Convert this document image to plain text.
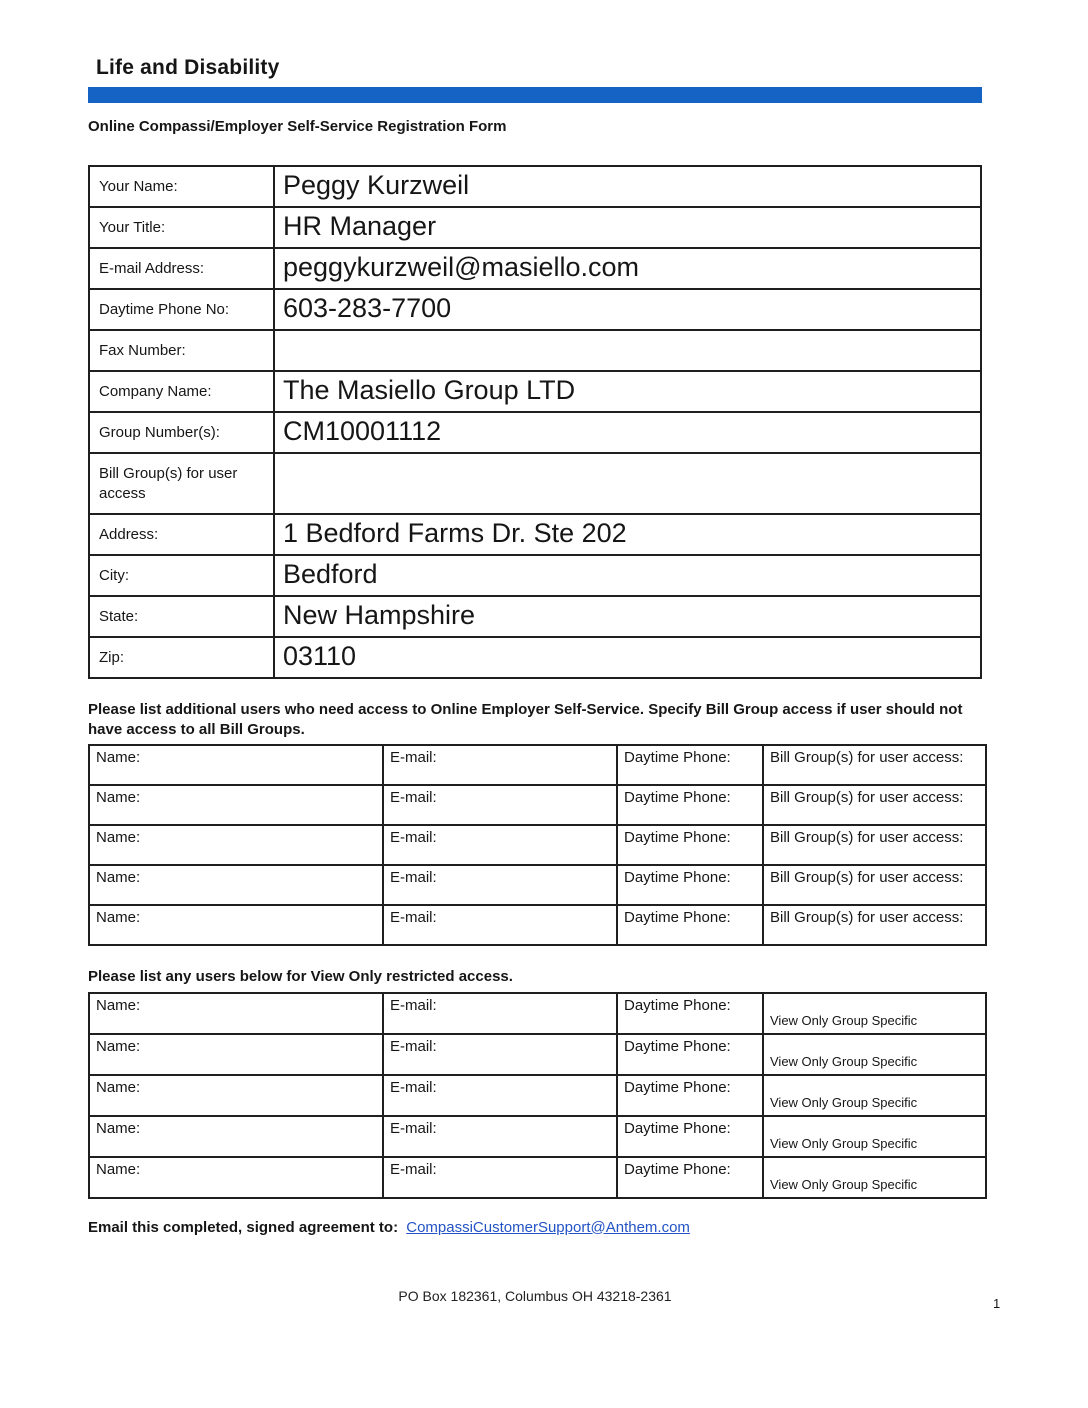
Life and Disability
Online Compassi/Employer Self-Service Registration Form
Your Name:	Peggy Kurzweil
Your Title:	HR Manager
E-mail Address:	peggykurzweil@masiello.com
Daytime Phone No:	603-283-7700
Fax Number:	
Company Name:	The Masiello Group LTD
Group Number(s):	CM10001112
Bill Group(s) for user access	
Address:	1 Bedford Farms Dr. Ste 202
City:	Bedford
State:	New Hampshire
Zip:	03110
Please list additional users who need access to Online Employer Self-Service. Specify Bill Group access if user should not have access to all Bill Groups.
Name:	E-mail:	Daytime Phone:	Bill Group(s) for user access:
Name:	E-mail:	Daytime Phone:	Bill Group(s) for user access:
Name:	E-mail:	Daytime Phone:	Bill Group(s) for user access:
Name:	E-mail:	Daytime Phone:	Bill Group(s) for user access:
Name:	E-mail:	Daytime Phone:	Bill Group(s) for user access:
Please list any users below for View Only restricted access.
Name:	E-mail:	Daytime Phone:	View Only Group Specific

Name:	E-mail:	Daytime Phone:	View Only Group Specific

Name:	E-mail:	Daytime Phone:	View Only Group Specific

Name:	E-mail:	Daytime Phone:	View Only Group Specific

Name:	E-mail:	Daytime Phone:	View Only Group Specific
Email this completed, signed agreement to: CompassiCustomerSupport@Anthem.com
PO Box 182361, Columbus OH 43218-2361	1
